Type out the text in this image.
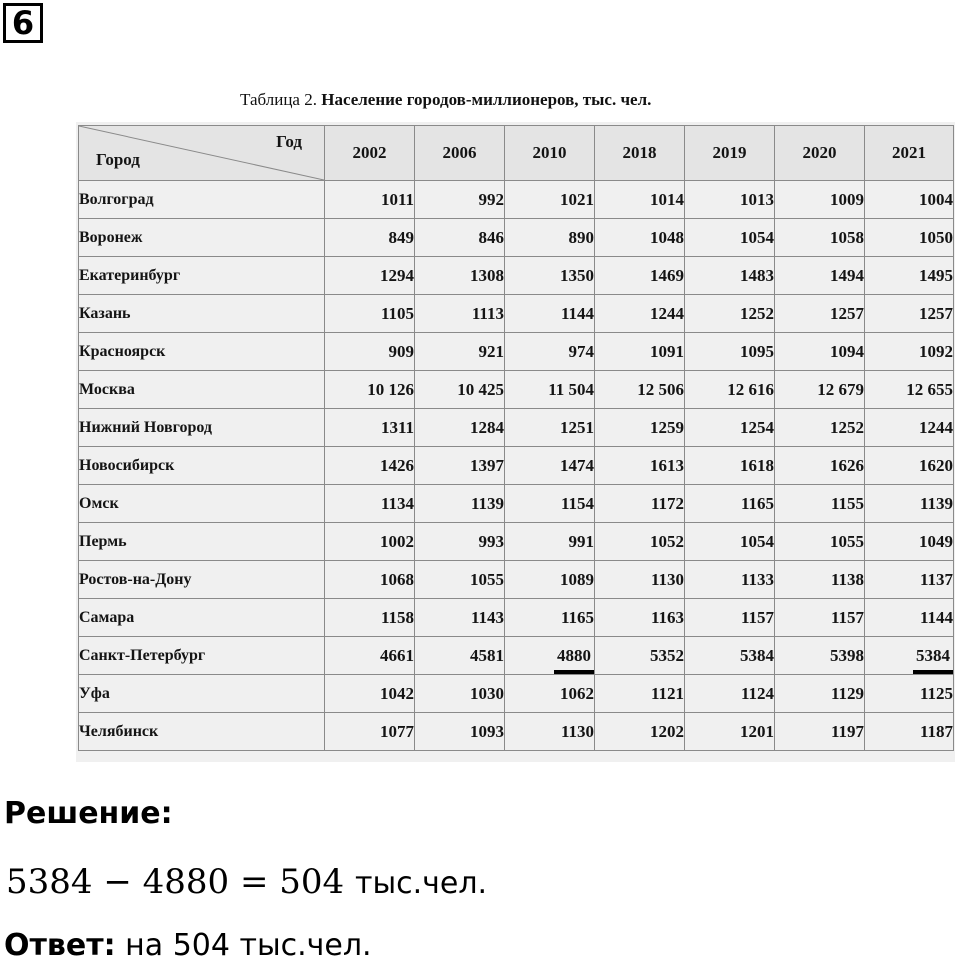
6
Таблица 2. Население городов-миллионеров, тыс. чел.
Год
Город	2002	2006	2010	2018	2019	2020	2021
Волгоград	1011	992	1021	1014	1013	1009	1004
Воронеж	849	846	890	1048	1054	1058	1050
Екатеринбург	1294	1308	1350	1469	1483	1494	1495
Казань	1105	1113	1144	1244	1252	1257	1257
Красноярск	909	921	974	1091	1095	1094	1092
Москва	10 126	10 425	11 504	12 506	12 616	12 679	12 655
Нижний Новгород	1311	1284	1251	1259	1254	1252	1244
Новосибирск	1426	1397	1474	1613	1618	1626	1620
Омск	1134	1139	1154	1172	1165	1155	1139
Пермь	1002	993	991	1052	1054	1055	1049
Ростов-на-Дону	1068	1055	1089	1130	1133	1138	1137
Самара	1158	1143	1165	1163	1157	1157	1144
Санкт-Петербург	4661	4581	4880	5352	5384	5398	5384
Уфа	1042	1030	1062	1121	1124	1129	1125
Челябинск	1077	1093	1130	1202	1201	1197	1187
Решение:
5384 − 4880 = 504 тыс.чел.
Ответ: на 504 тыс.чел.
